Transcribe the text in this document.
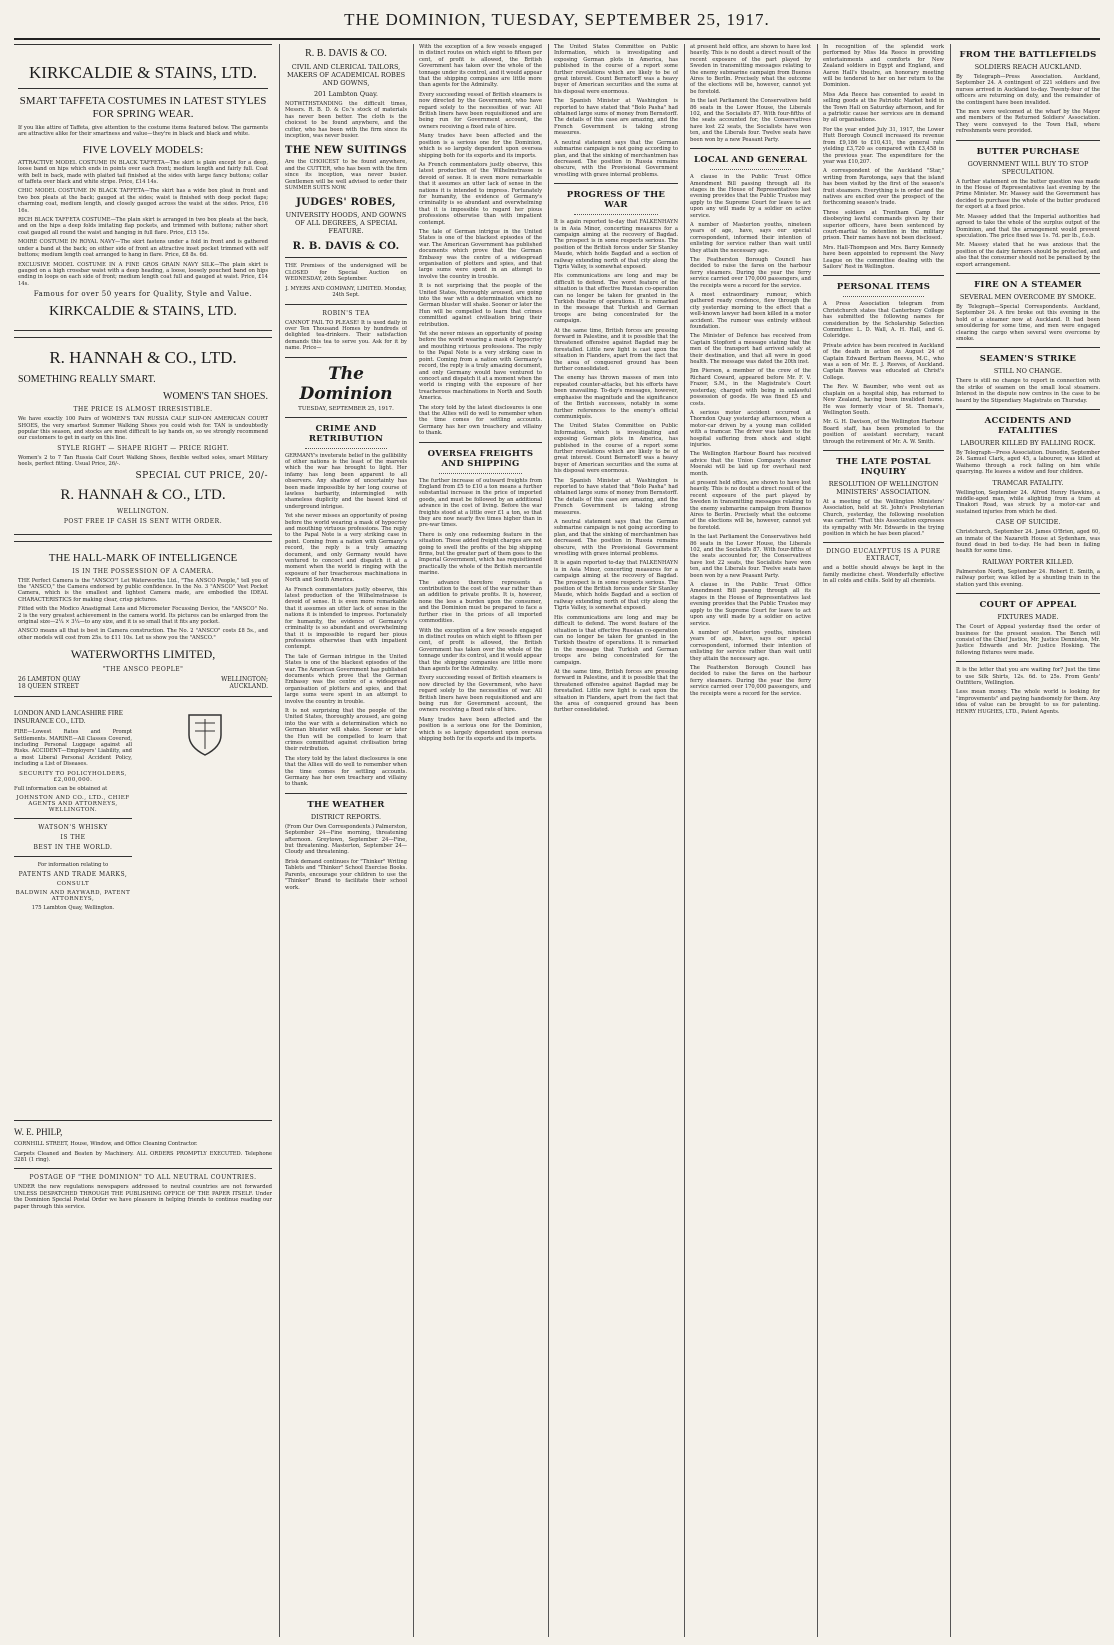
THE DOMINION, TUESDAY, SEPTEMBER 25, 1917.
KIRKCALDIE & STAINS, LTD.
SMART TAFFETA COSTUMES IN LATEST STYLES FOR SPRING WEAR.

If you like attire of Taffeta, give attention to the costume items featured below. The garments are attractive alike for their smartness and value—they're in black and black and white.

FIVE LOVELY MODELS:

ATTRACTIVE MODEL COSTUME IN BLACK TAFFETA—The skirt is plain except for a deep, loose band on hips which ends in points over each front; medium length and fairly full. Coat with belt in back, made with plaited tail finished at the sides with large fancy buttons; collar of taffeta over black and white stripe. Price, £14 14s.

CHIC MODEL COSTUME IN BLACK TAFFETA—The skirt has a wide box pleat in front and two box pleats at the back; gauged at the sides; waist is finished with deep pocket flaps; charming coat, medium length, and closely gauged across the waist at the sides. Price, £16 16s.

RICH BLACK TAFFETA COSTUME—The plain skirt is arranged in two box pleats at the back, and on the hips a deep folds imitating flap pockets, and trimmed with buttons; rather short coat gauged all round the waist and hanging in full flare. Price, £15 15s.

MOIRE COSTUME IN ROYAL NAVY—The skirt fastens under a fold in front and is gathered under a band at the back; on either side of front an attractive inset pocket trimmed with self buttons; medium length coat arranged to hang in flare. Price, £8 8s. 6d.

EXCLUSIVE MODEL COSTUME IN A FINE GROS GRAIN NAVY SILK—The plain skirt is gauged on a high crossbar waist with a deep heading, a loose, loosely pouched band on hips ending in loops on each side of front; medium length coat full and gauged at waist. Price, £14 14s.

Famous for over 50 years for Quality, Style and Value.
KIRKCALDIE & STAINS, LTD.
R. HANNAH & CO., LTD.
SOMETHING REALLY SMART.
WOMEN'S TAN SHOES.
THE PRICE IS ALMOST IRRESISTIBLE.

We have exactly 100 Pairs of WOMEN'S TAN RUSSIA CALF SLIP-ON AMERICAN COURT SHOES, the very smartest Summer Walking Shoes you could wish for. TAN is undoubtedly popular this season, and stocks are most difficult to lay hands on, so we strongly recommend our customers to get in early on this line.

STYLE RIGHT — SHAPE RIGHT — PRICE RIGHT.

Women's 2 to 7 Tan Russia Calf Court Walking Shoes, flexible welted soles, smart Military heels, perfect fitting. Usual Price, 26/-.

SPECIAL CUT PRICE, 20/-
R. HANNAH & CO., LTD.
WELLINGTON.
POST FREE IF CASH IS SENT WITH ORDER.
THE HALL-MARK OF INTELLIGENCE
IS IN THE POSSESSION OF A CAMERA.

THE Perfect Camera is the "ANSCO"! Let Waterworths Ltd., "The ANSCO People," tell you of the "ANSCO," the Camera endorsed by public confidence. In the No. 3 "ANSCO" Vest Pocket Camera, which is the smallest and lightest Camera made, are embodied the IDEAL CHARACTERISTICS for making clear, crisp pictures.

Fitted with the Modico Anastigmat Lens and Micrometer Focussing Device, the "ANSCO" No. 2 is the very greatest achievement in the camera world. Its pictures can be enlarged from the original size—2¼ × 3¼—to any size, and it is so small that it fits any pocket.

ANSCO means all that is best in Camera construction. The No. 2 "ANSCO" costs £8 5s., and other models will cost from 25s. to £11 10s. Let us show you the "ANSCO."

WATERWORTHS LIMITED,
"THE ANSCO PEOPLE"
26 LAMBTON QUAY	WELLINGTON;
18 QUEEN STREET	AUCKLAND.
LONDON AND LANCASHIRE FIRE INSURANCE CO., LTD.

FIRE—Lowest Rates and Prompt Settlements. MARINE—All Classes Covered, including Personal Luggage against all Risks. ACCIDENT—Employers' Liability, and a most Liberal Personal Accident Policy, including a List of Diseases.

SECURITY TO POLICYHOLDERS, £2,000,000.

Full information can be obtained at

JOHNSTON AND CO., LTD., CHIEF AGENTS AND ATTORNEYS, WELLINGTON.
WATSON'S WHISKY
IS THE
BEST IN THE WORLD.

For information relating to

PATENTS AND TRADE MARKS,
CONSULT
BALDWIN AND RAYWARD, PATENT ATTORNEYS,

175 Lambton Quay, Wellington.

W. E. PHILP,

CORNHILL STREET, House, Window, and Office Cleaning Contractor.

Carpets Cleaned and Beaten by Machinery. ALL ORDERS PROMPTLY EXECUTED. Telephone 3281 (1 ring).

POSTAGE OF "THE DOMINION" TO ALL NEUTRAL COUNTRIES.

UNDER the new regulations newspapers addressed to neutral countries are not forwarded UNLESS DESPATCHED THROUGH THE PUBLISHING OFFICE OF THE PAPER ITSELF. Under the Dominion Special Postal Order we have pleasure in helping friends to continue reading our paper through this service.

R. B. DAVIS & CO.
CIVIL AND CLERICAL TAILORS, MAKERS OF ACADEMICAL ROBES AND GOWNS,
201 Lambton Quay.

NOTWITHSTANDING the difficult times, Messrs. R. B. D. & Co.'s stock of materials has never been better. The cloth is the choicest to be found anywhere, and the cutter, who has been with the firm since its inception, was never busier.

THE NEW SUITINGS

Are the CHOICEST to be found anywhere, and the CUTTER, who has been with the firm since its inception, was never busier. Gentlemen will be well advised to order their SUMMER SUITS NOW.

JUDGES' ROBES,
UNIVERSITY HOODS, AND GOWNS OF ALL DEGREES, A SPECIAL FEATURE.
R. B. DAVIS & CO.

THE Premises of the undersigned will be CLOSED for Special Auction on WEDNESDAY, 26th September.

J. MYERS AND COMPANY, LIMITED. Monday, 24th Sept.

ROBIN'S TEA

CANNOT FAIL TO PLEASE! It is used daily in over Ten Thousand Homes by hundreds of delighted tea-drinkers. Their satisfaction demands this tea to serve you. Ask for it by name. Price—

The Dominion
TUESDAY, SEPTEMBER 25, 1917.
CRIME AND RETRIBUTION

GERMANY's inveterate belief in the gullibility of other nations is the least of the marvels which the war has brought to light. Her infamy has long been apparent to all observers. Any shadow of uncertainty has been made impossible by her long course of lawless barbarity, intermingled with shameless duplicity and the basest kind of underground intrigue.

Yet she never misses an opportunity of posing before the world wearing a mask of hypocrisy and mouthing virtuous professions. The reply to the Papal Note is a very striking case in point. Coming from a nation with Germany's record, the reply is a truly amazing document, and only Germany would have ventured to concoct and dispatch it at a moment when the world is ringing with the exposure of her treacherous machinations in North and South America.

As French commentators justly observe, this latest production of the Wilhelmstrasse is devoid of sense. It is even more remarkable that it assumes an utter lack of sense in the nations it is intended to impress. Fortunately for humanity, the evidence of Germany's criminality is so abundant and overwhelming that it is impossible to regard her pious professions otherwise than with impatient contempt.

The tale of German intrigue in the United States is one of the blackest episodes of the war. The American Government has published documents which prove that the German Embassy was the centre of a widespread organisation of plotters and spies, and that large sums were spent in an attempt to involve the country in trouble.

It is not surprising that the people of the United States, thoroughly aroused, are going into the war with a determination which no German bluster will shake. Sooner or later the Hun will be compelled to learn that crimes committed against civilisation bring their retribution.

The story told by the latest disclosures is one that the Allies will do well to remember when the time comes for settling accounts. Germany has her own treachery and villainy to thank.

THE WEATHER
DISTRICT REPORTS.

(From Our Own Correspondents.) Palmerston, September 24—Fine morning, threatening afternoon. Greytown, September 24—Fine, but threatening. Masterton, September 24—Cloudy and threatening.

Brisk demand continues for "Thinker" Writing Tablets and "Thinker" School Exercise Books. Parents, encourage your children to use the "Thinker" Brand to facilitate their school work.

With the exception of a few vessels engaged in distinct routes on which eight to fifteen per cent, of profit is allowed, the British Government has taken over the whole of the tonnage under its control, and it would appear that the shipping companies are little more than agents for the Admiralty.

Every succeeding vessel of British steamers is now directed by the Government, who have regard solely to the necessities of war. All British liners have been requisitioned and are being run for Government account, the owners receiving a fixed rate of hire.

Many trades have been affected and the position is a serious one for the Dominion, which is so largely dependent upon oversea shipping both for its exports and its imports.

As French commentators justly observe, this latest production of the Wilhelmstrasse is devoid of sense. It is even more remarkable that it assumes an utter lack of sense in the nations it is intended to impress. Fortunately for humanity, the evidence of Germany's criminality is so abundant and overwhelming that it is impossible to regard her pious professions otherwise than with impatient contempt.

The tale of German intrigue in the United States is one of the blackest episodes of the war. The American Government has published documents which prove that the German Embassy was the centre of a widespread organisation of plotters and spies, and that large sums were spent in an attempt to involve the country in trouble.

It is not surprising that the people of the United States, thoroughly aroused, are going into the war with a determination which no German bluster will shake. Sooner or later the Hun will be compelled to learn that crimes committed against civilisation bring their retribution.

Yet she never misses an opportunity of posing before the world wearing a mask of hypocrisy and mouthing virtuous professions. The reply to the Papal Note is a very striking case in point. Coming from a nation with Germany's record, the reply is a truly amazing document, and only Germany would have ventured to concoct and dispatch it at a moment when the world is ringing with the exposure of her treacherous machinations in North and South America.

The story told by the latest disclosures is one that the Allies will do well to remember when the time comes for settling accounts. Germany has her own treachery and villainy to thank.

OVERSEA FREIGHTS AND SHIPPING

The further increase of outward freights from England from £5 to £10 a ton means a further substantial increase in the price of imported goods, and must be followed by an additional advance in the cost of living. Before the war freights stood at a little over £1 a ton, so that they are now nearly five times higher than in pre-war times.

There is only one redeeming feature in the situation. These added freight charges are not going to swell the profits of the big shipping firms, but the greater part of them goes to the Imperial Government, which has requisitioned practically the whole of the British mercantile marine.

The advance therefore represents a contribution to the cost of the war rather than an addition to private profits. It is, however, none the less a burden upon the consumer, and the Dominion must be prepared to face a further rise in the prices of all imported commodities.

With the exception of a few vessels engaged in distinct routes on which eight to fifteen per cent, of profit is allowed, the British Government has taken over the whole of the tonnage under its control, and it would appear that the shipping companies are little more than agents for the Admiralty.

Every succeeding vessel of British steamers is now directed by the Government, who have regard solely to the necessities of war. All British liners have been requisitioned and are being run for Government account, the owners receiving a fixed rate of hire.

Many trades have been affected and the position is a serious one for the Dominion, which is so largely dependent upon oversea shipping both for its exports and its imports.

The United States Committee on Public Information, which is investigating and exposing German plots in America, has published in the course of a report some further revelations which are likely to be of great interest. Count Bernstorff was a heavy buyer of American securities and the sums at his disposal were enormous.

The Spanish Minister at Washington is reported to have stated that "Bolo Pasha" had obtained large sums of money from Bernstorff. The details of this case are amazing, and the French Government is taking strong measures.

A neutral statement says that the German submarine campaign is not going according to plan, and that the sinking of merchantmen has decreased. The position in Russia remains obscure, with the Provisional Government wrestling with grave internal problems.

PROGRESS OF THE WAR

It is again reported to-day that FALKENHAYN is in Asia Minor, concerting measures for a campaign aiming at the recovery of Bagdad. The prospect is in some respects serious. The position of the British forces under Sir Stanley Maude, which holds Bagdad and a section of railway extending north of that city along the Tigris Valley, is somewhat exposed.

His communications are long and may be difficult to defend. The worst feature of the situation is that effective Russian co-operation can no longer be taken for granted in the Turkish theatre of operations. It is remarked in the message that Turkish and German troops are being concentrated for the campaign.

At the same time, British forces are pressing forward in Palestine, and it is possible that the threatened offensive against Bagdad may be forestalled. Little new light is cast upon the situation in Flanders, apart from the fact that the area of conquered ground has been further consolidated.

The enemy has thrown masses of men into repeated counter-attacks, but his efforts have been unavailing. To-day's messages, however, emphasise the magnitude and the significance of the British successes, notably in some further references to the enemy's official communiqués.

The United States Committee on Public Information, which is investigating and exposing German plots in America, has published in the course of a report some further revelations which are likely to be of great interest. Count Bernstorff was a heavy buyer of American securities and the sums at his disposal were enormous.

The Spanish Minister at Washington is reported to have stated that "Bolo Pasha" had obtained large sums of money from Bernstorff. The details of this case are amazing, and the French Government is taking strong measures.

A neutral statement says that the German submarine campaign is not going according to plan, and that the sinking of merchantmen has decreased. The position in Russia remains obscure, with the Provisional Government wrestling with grave internal problems.

It is again reported to-day that FALKENHAYN is in Asia Minor, concerting measures for a campaign aiming at the recovery of Bagdad. The prospect is in some respects serious. The position of the British forces under Sir Stanley Maude, which holds Bagdad and a section of railway extending north of that city along the Tigris Valley, is somewhat exposed.

His communications are long and may be difficult to defend. The worst feature of the situation is that effective Russian co-operation can no longer be taken for granted in the Turkish theatre of operations. It is remarked in the message that Turkish and German troops are being concentrated for the campaign.

At the same time, British forces are pressing forward in Palestine, and it is possible that the threatened offensive against Bagdad may be forestalled. Little new light is cast upon the situation in Flanders, apart from the fact that the area of conquered ground has been further consolidated.

at present held office, are shown to have lost heavily. This is no doubt a direct result of the recent exposure of the part played by Sweden in transmitting messages relating to the enemy submarine campaign from Buenos Aires to Berlin. Precisely what the outcome of the elections will be, however, cannot yet be foretold.

In the last Parliament the Conservatives held 86 seats in the Lower House, the Liberals 102, and the Socialists 87. With four-fifths of the seats accounted for, the Conservatives have lost 22 seats, the Socialists have won ten, and the Liberals four. Twelve seats have been won by a new Peasant Party.

LOCAL AND GENERAL

A clause in the Public Trust Office Amendment Bill passing through all its stages in the House of Representatives last evening provides that the Public Trustee may apply to the Supreme Court for leave to act upon any will made by a soldier on active service.

A number of Masterton youths, nineteen years of age, have, says our special correspondent, informed their intention of enlisting for service rather than wait until they attain the necessary age.

The Featherston Borough Council has decided to raise the fares on the harbour ferry steamers. During the year the ferry service carried over 170,000 passengers, and the receipts were a record for the service.

A most extraordinary rumour, which gathered ready credence, flew through the city yesterday morning to the effect that a well-known lawyer had been killed in a motor accident. The rumour was entirely without foundation.

The Minister of Defence has received from Captain Stopford a message stating that the men of the transport had arrived safely at their destination, and that all were in good health. The message was dated the 20th inst.

Jim Pierson, a member of the crew of the Richard Coward, appeared before Mr. F. V. Frazer, S.M., in the Magistrate's Court yesterday, charged with being in unlawful possession of goods. He was fined £5 and costs.

A serious motor accident occurred at Thorndon Quay yesterday afternoon, when a motor-car driven by a young man collided with a tramcar. The driver was taken to the hospital suffering from shock and slight injuries.

The Wellington Harbour Board has received advice that the Union Company's steamer Moeraki will be laid up for overhaul next month.

at present held office, are shown to have lost heavily. This is no doubt a direct result of the recent exposure of the part played by Sweden in transmitting messages relating to the enemy submarine campaign from Buenos Aires to Berlin. Precisely what the outcome of the elections will be, however, cannot yet be foretold.

In the last Parliament the Conservatives held 86 seats in the Lower House, the Liberals 102, and the Socialists 87. With four-fifths of the seats accounted for, the Conservatives have lost 22 seats, the Socialists have won ten, and the Liberals four. Twelve seats have been won by a new Peasant Party.

A clause in the Public Trust Office Amendment Bill passing through all its stages in the House of Representatives last evening provides that the Public Trustee may apply to the Supreme Court for leave to act upon any will made by a soldier on active service.

A number of Masterton youths, nineteen years of age, have, says our special correspondent, informed their intention of enlisting for service rather than wait until they attain the necessary age.

The Featherston Borough Council has decided to raise the fares on the harbour ferry steamers. During the year the ferry service carried over 170,000 passengers, and the receipts were a record for the service.

In recognition of the splendid work performed by Miss Ida Reece in providing entertainments and comforts for New Zealand soldiers in Egypt and England, and Aaron Hall's theatre, an honorary meeting will be tendered to her on her return to the Dominion.

Miss Ada Reece has consented to assist in selling goods at the Patriotic Market held in the Town Hall on Saturday afternoon, and for a patriotic cause her services are in demand by all organisations.

For the year ended July 31, 1917, the Lower Hutt Borough Council increased its revenue from £9,186 to £10,431, the general rate yielding £3,720 as compared with £3,458 in the previous year. The expenditure for the year was £10,207.

A correspondent of the Auckland "Star," writing from Rarotonga, says that the island has been visited by the first of the season's fruit steamers. Everything is in order and the natives are excited over the prospect of the forthcoming season's trade.

Three soldiers at Trentham Camp for disobeying lawful commands given by their superior officers, have been sentenced by court-martial to detention in the military prison. Their names have not been disclosed.

Mrs. Hall-Thompson and Mrs. Barry Kennedy have been appointed to represent the Navy League on the committee dealing with the Sailors' Rest in Wellington.

PERSONAL ITEMS

A Press Association telegram from Christchurch states that Canterbury College has submitted the following names for consideration by the Scholarship Selection Committee: L. D. Wall, A. H. Hall, and G. Coleridge.

Private advice has been received in Auckland of the death in action on August 24 of Captain Edward Bertram Reeves, M.C., who was a son of Mr. E. J. Reeves, of Auckland. Captain Reeves was educated at Christ's College.

The Rev. W. Baumber, who went out as chaplain on a hospital ship, has returned to New Zealand, having been invalided home. He was formerly vicar of St. Thomas's, Wellington South.

Mr. G. H. Davison, of the Wellington Harbour Board staff, has been promoted to the position of assistant secretary, vacant through the retirement of Mr. A. W. Smith.

THE LATE POSTAL INQUIRY
RESOLUTION OF WELLINGTON MINISTERS' ASSOCIATION.

At a meeting of the Wellington Ministers' Association, held at St. John's Presbyterian Church, yesterday, the following resolution was carried: "That this Association expresses its sympathy with Mr. Edwards in the trying position in which he has been placed."

DINGO EUCALYPTUS IS A PURE EXTRACT,

and a bottle should always be kept in the family medicine chest. Wonderfully effective in all colds and chills. Sold by all chemists.

FROM THE BATTLEFIELDS
SOLDIERS REACH AUCKLAND.

By Telegraph—Press Association. Auckland, September 24. A contingent of 221 soldiers and five nurses arrived in Auckland to-day. Twenty-four of the officers are returning on duty, and the remainder of the contingent have been invalided.

The men were welcomed at the wharf by the Mayor and members of the Returned Soldiers' Association. They were conveyed to the Town Hall, where refreshments were provided.

BUTTER PURCHASE
GOVERNMENT WILL BUY TO STOP SPECULATION.

A further statement on the butter question was made in the House of Representatives last evening by the Prime Minister. Mr. Massey said the Government has decided to purchase the whole of the butter produced for export at a fixed price.

Mr. Massey added that the Imperial authorities had agreed to take the whole of the surplus output of the Dominion, and that the arrangement would prevent speculation. The price fixed was 1s. 7d. per lb., f.o.b.

Mr. Massey stated that he was anxious that the position of the dairy farmers should be protected, and also that the consumer should not be penalised by the export arrangement.

FIRE ON A STEAMER
SEVERAL MEN OVERCOME BY SMOKE.

By Telegraph—Special Correspondents. Auckland, September 24. A fire broke out this evening in the hold of a steamer now at Auckland. It had been smouldering for some time, and men were engaged clearing the cargo when several were overcome by smoke.

SEAMEN'S STRIKE
STILL NO CHANGE.

There is still no change to report in connection with the strike of seamen on the small local steamers. Interest in the dispute now centres in the case to be heard by the Stipendiary Magistrate on Thursday.

ACCIDENTS AND FATALITIES
LABOURER KILLED BY FALLING ROCK.

By Telegraph—Press Association. Dunedin, September 24. Samuel Clark, aged 45, a labourer, was killed at Waihemo through a rock falling on him while quarrying. He leaves a widow and four children.

TRAMCAR FATALITY.

Wellington, September 24. Alfred Henry Hawkins, a middle-aged man, while alighting from a tram at Tinakori Road, was struck by a motor-car and sustained injuries from which he died.

CASE OF SUICIDE.

Christchurch, September 24. James O'Brien, aged 60, an inmate of the Nazareth House at Sydenham, was found dead in bed to-day. He had been in failing health for some time.

RAILWAY PORTER KILLED.

Palmerston North, September 24. Robert E. Smith, a railway porter, was killed by a shunting train in the station yard this evening.

COURT OF APPEAL
FIXTURES MADE.

The Court of Appeal yesterday fixed the order of business for the present session. The Bench will consist of the Chief Justice, Mr. Justice Denniston, Mr. Justice Edwards and Mr. Justice Hosking. The following fixtures were made.

It is the letter that you are waiting for? Just the time to use Silk Shirts, 12s. 6d. to 25s. From Gents' Outfitters, Wellington.

Less mean money. The whole world is looking for "improvements" and paying handsomely for them. Any idea of value can be brought to us for patenting. HENRY HUGHES, LTD., Patent Agents.
